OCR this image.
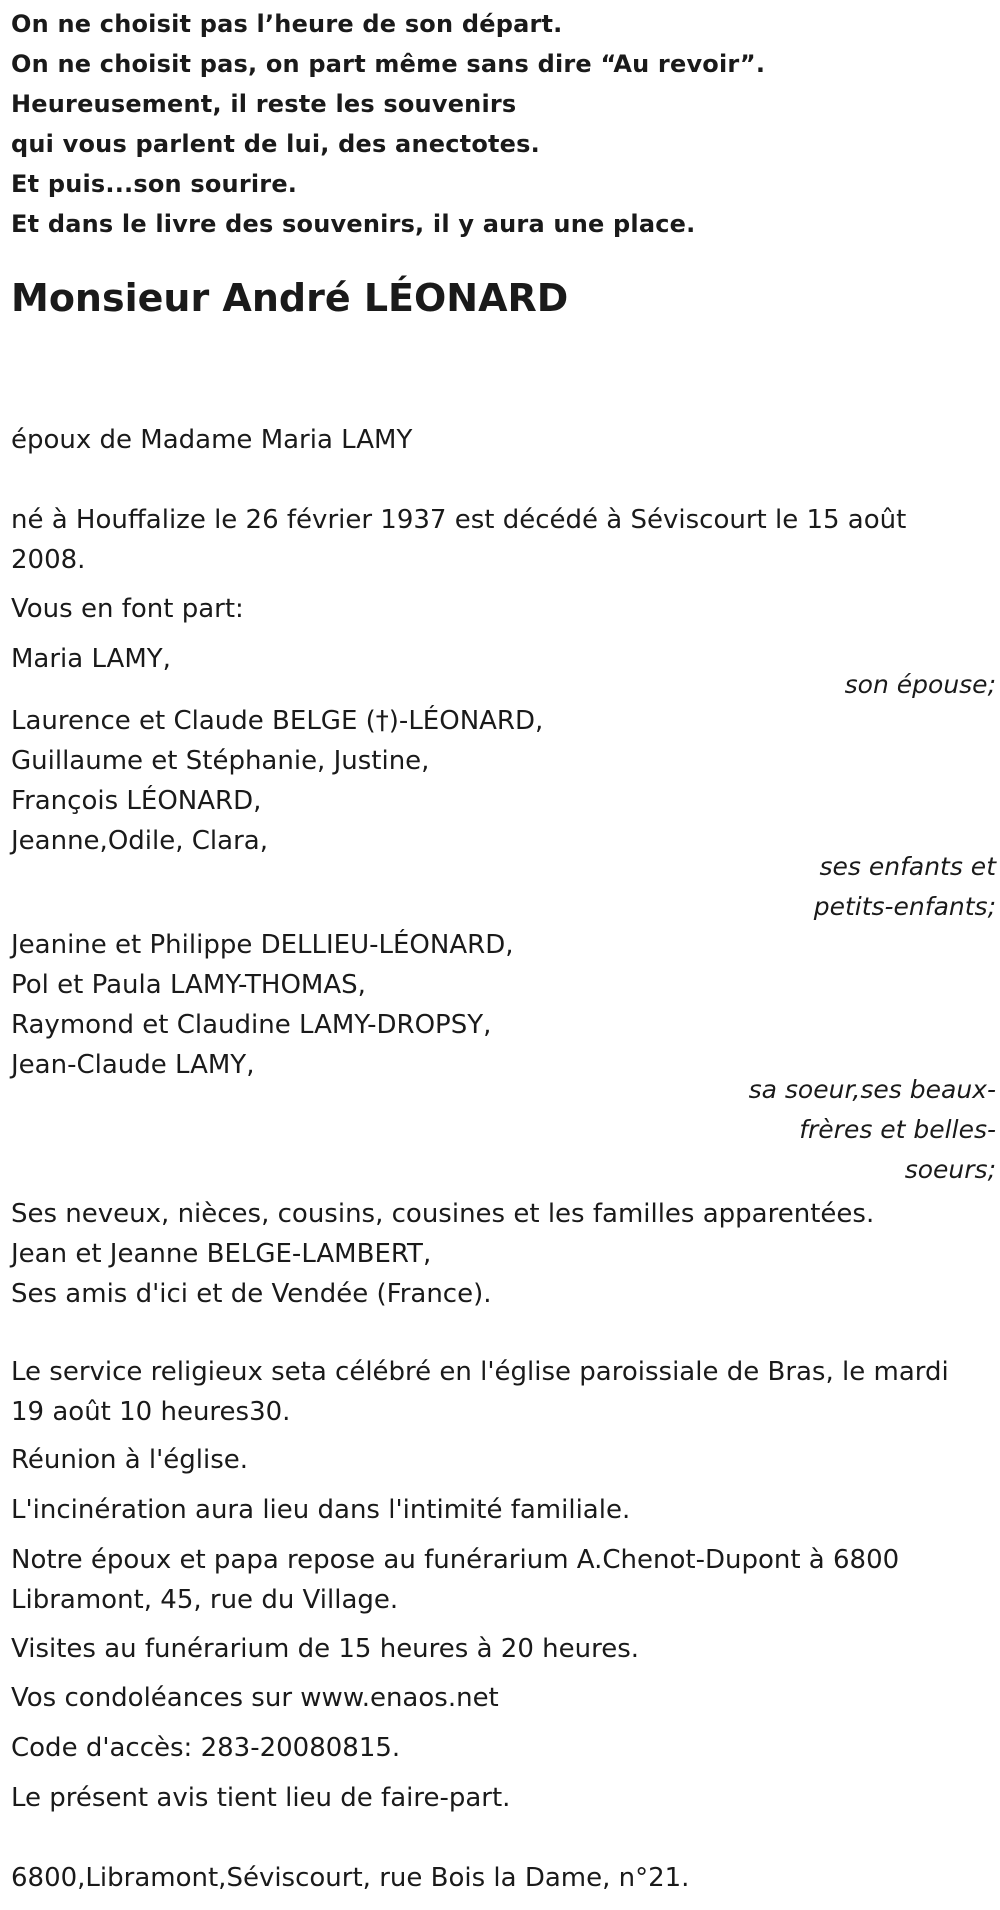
On ne choisit pas l’heure de son départ.
On ne choisit pas, on part même sans dire “Au revoir”.
Heureusement, il reste les souvenirs
qui vous parlent de lui, des anectotes.
Et puis...son sourire.
Et dans le livre des souvenirs, il y aura une place.
Monsieur André LÉONARD
époux de Madame Maria LAMY
né à Houffalize le 26 février 1937 est décédé à Séviscourt le 15 août
2008.
Vous en font part:
Maria LAMY,
son épouse;
Laurence et Claude BELGE (†)-LÉONARD,
Guillaume et Stéphanie, Justine,
François LÉONARD,
Jeanne,Odile, Clara,
ses enfants et
petits-enfants;
Jeanine et Philippe DELLIEU-LÉONARD,
Pol et Paula LAMY-THOMAS,
Raymond et Claudine LAMY-DROPSY,
Jean-Claude LAMY,
sa soeur,ses beaux-
frères et belles-
soeurs;
Ses neveux, nièces, cousins, cousines et les familles apparentées.
Jean et Jeanne BELGE-LAMBERT,
Ses amis d'ici et de Vendée (France).
Le service religieux seta célébré en l'église paroissiale de Bras, le mardi
19 août 10 heures30.
Réunion à l'église.
L'incinération aura lieu dans l'intimité familiale.
Notre époux et papa repose au funérarium A.Chenot-Dupont à 6800
Libramont, 45, rue du Village.
Visites au funérarium de 15 heures à 20 heures.
Vos condoléances sur www.enaos.net
Code d'accès: 283-20080815.
Le présent avis tient lieu de faire-part.
6800,Libramont,Séviscourt, rue Bois la Dame, n°21.
